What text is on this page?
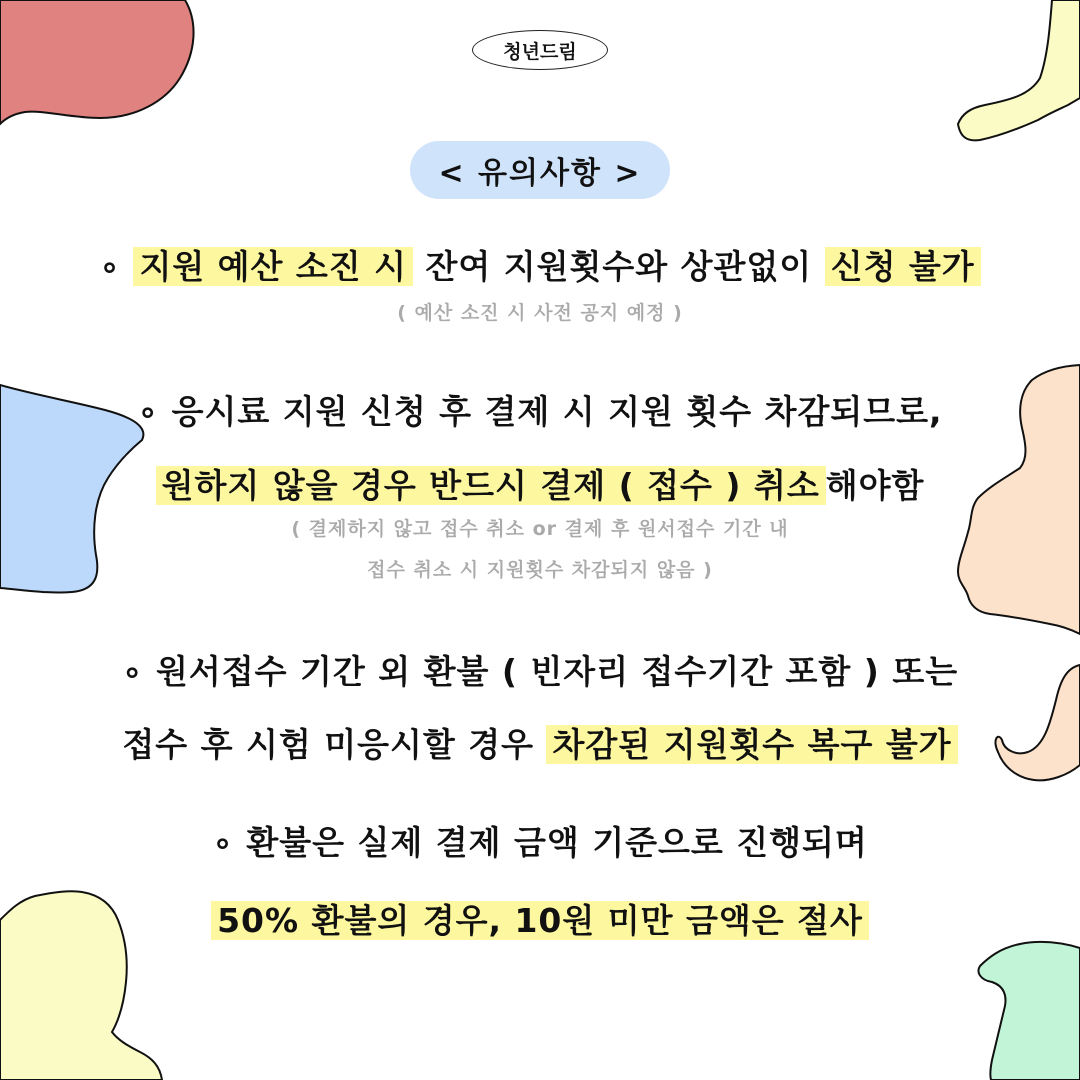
청년드림
< 유의사항 >
∘ 지원 예산 소진 시 잔여 지원횟수와 상관없이 신청 불가
( 예산 소진 시 사전 공지 예정 )
∘ 응시료 지원 신청 후 결제 시 지원 횟수 차감되므로,
원하지 않을 경우 반드시 결제 ( 접수 ) 취소 해야함
( 결제하지 않고 접수 취소 or 결제 후 원서접수 기간 내
접수 취소 시 지원횟수 차감되지 않음 )
∘ 원서접수 기간 외 환불 ( 빈자리 접수기간 포함 ) 또는
접수 후 시험 미응시할 경우 차감된 지원횟수 복구 불가
∘ 환불은 실제 결제 금액 기준으로 진행되며
50% 환불의 경우, 10원 미만 금액은 절사
